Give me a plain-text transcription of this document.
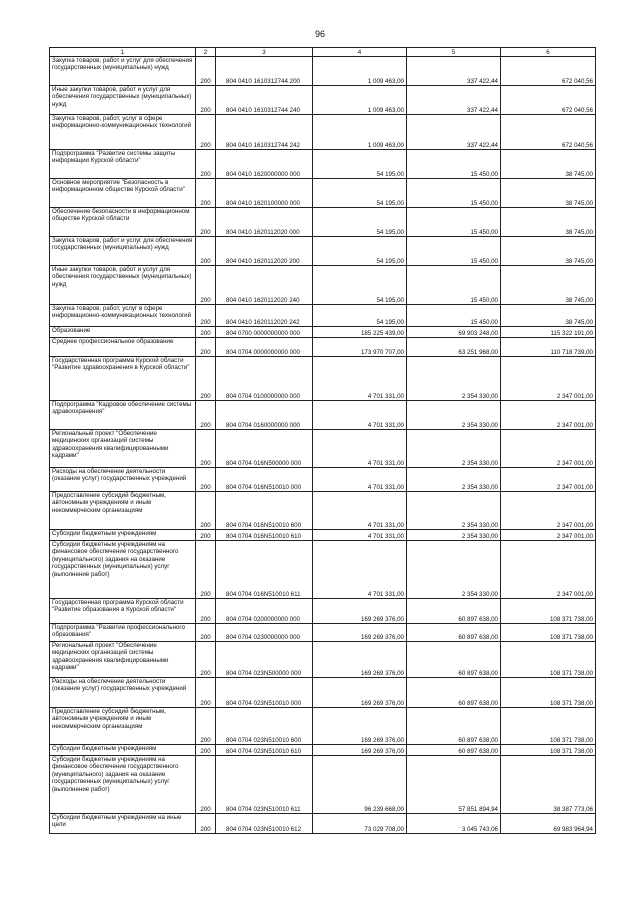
96
1	2	3	4	5	6
Закупка товаров, работ и услуг для обеспечения государственных (муниципальных) нужд	200	804 0410 1610312744 200	1 009 463,00	337 422,44	672 040,56
Иные закупки товаров, работ и услуг для обеспечения государственных (муниципальных) нужд	200	804 0410 1610312744 240	1 009 463,00	337 422,44	672 040,56
Закупка товаров, работ, услуг в сфере информационно-коммуникационных технологий	200	804 0410 1610312744 242	1 009 463,00	337 422,44	672 040,56
Подпрограмма "Развитие системы защиты информации Курской области"	200	804 0410 1620000000 000	54 195,00	15 450,00	38 745,00
Основное мероприятие "Безопасность в информационном обществе Курской области"	200	804 0410 1620100000 000	54 195,00	15 450,00	38 745,00
Обеспечение безопасности в информационном обществе Курской области	200	804 0410 1620112020 000	54 195,00	15 450,00	38 745,00
Закупка товаров, работ и услуг для обеспечения государственных (муниципальных) нужд	200	804 0410 1620112020 200	54 195,00	15 450,00	38 745,00
Иные закупки товаров, работ и услуг для обеспечения государственных (муниципальных) нужд	200	804 0410 1620112020 240	54 195,00	15 450,00	38 745,00
Закупка товаров, работ, услуг в сфере информационно-коммуникационных технологий	200	804 0410 1620112020 242	54 195,00	15 450,00	38 745,00
Образование	200	804 0700 0000000000 000	185 225 439,00	69 903 248,00	115 322 191,00
Среднее профессиональное образование	200	804 0704 0000000000 000	173 970 707,00	63 251 968,00	110 718 739,00
Государственная программа Курской области "Развитие здравоохранения в Курской области"	200	804 0704 0100000000 000	4 701 331,00	2 354 330,00	2 347 001,00
Подпрограмма "Кадровое обеспечение системы здравоохранения"	200	804 0704 0160000000 000	4 701 331,00	2 354 330,00	2 347 001,00
Региональный проект "Обеспечение медицинских организаций системы здравоохранения квалифицированными кадрами"	200	804 0704 016N500000 000	4 701 331,00	2 354 330,00	2 347 001,00
Расходы на обеспечение деятельности (оказание услуг) государственных учреждений	200	804 0704 016N510010 000	4 701 331,00	2 354 330,00	2 347 001,00
Предоставление субсидий бюджетным, автономным учреждениям и иным некоммерческим организациям	200	804 0704 016N510010 600	4 701 331,00	2 354 330,00	2 347 001,00
Субсидии бюджетным учреждениям	200	804 0704 016N510010 610	4 701 331,00	2 354 330,00	2 347 001,00
Субсидии бюджетным учреждениям на финансовое обеспечение государственного (муниципального) задания на оказание государственных (муниципальных) услуг (выполнение работ)	200	804 0704 016N510010 611	4 701 331,00	2 354 330,00	2 347 001,00
Государственная программа Курской области "Развитие образования в Курской области"	200	804 0704 0200000000 000	169 269 376,00	60 897 638,00	108 371 738,00
Подпрограмма "Развитие профессионального образования"	200	804 0704 0230000000 000	169 269 376,00	60 897 638,00	108 371 738,00
Региональный проект "Обеспечение медицинских организаций системы здравоохранения квалифицированными кадрами"	200	804 0704 023N500000 000	169 269 376,00	60 897 638,00	108 371 738,00
Расходы на обеспечение деятельности (оказание услуг) государственных учреждений	200	804 0704 023N510010 000	169 269 376,00	60 897 638,00	108 371 738,00
Предоставление субсидий бюджетным, автономным учреждениям и иным некоммерческим организациям	200	804 0704 023N510010 600	169 269 376,00	60 897 638,00	108 371 738,00
Субсидии бюджетным учреждениям	200	804 0704 023N510010 610	169 269 376,00	60 897 638,00	108 371 738,00
Субсидии бюджетным учреждениям на финансовое обеспечение государственного (муниципального) задания на оказание государственных (муниципальных) услуг (выполнение работ)	200	804 0704 023N510010 611	96 239 668,00	57 851 894,94	38 387 773,06
Субсидии бюджетным учреждениям на иные цели	200	804 0704 023N510010 612	73 029 708,00	3 045 743,06	69 983 964,94
